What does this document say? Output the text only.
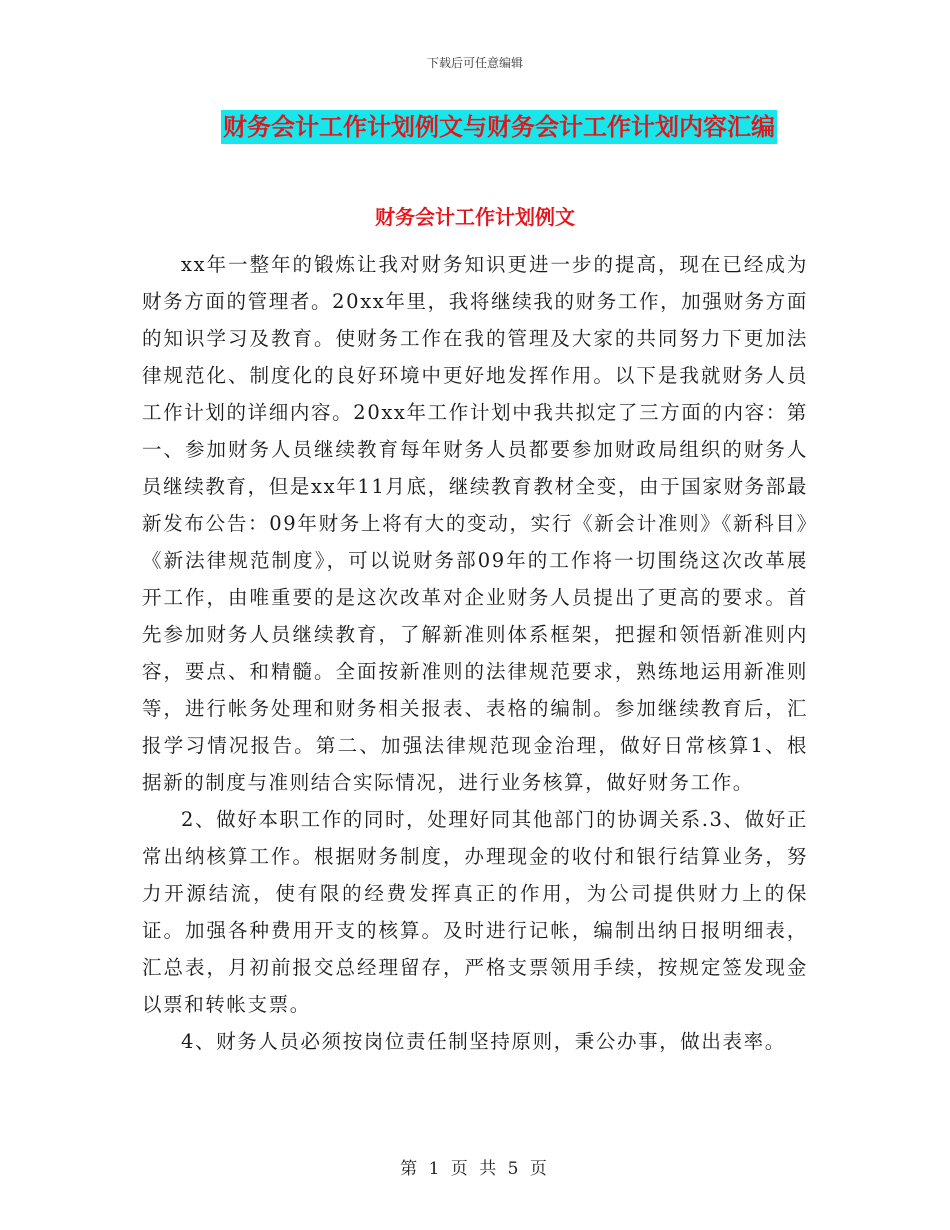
下载后可任意编辑
财务会计工作计划例文与财务会计工作计划内容汇编
财务会计工作计划例文

xx年一整年的锻炼让我对财务知识更进一步的提高，现在已经成为财务方面的管理者。20xx年里，我将继续我的财务工作，加强财务方面的知识学习及教育。使财务工作在我的管理及大家的共同努力下更加法律规范化、制度化的良好环境中更好地发挥作用。以下是我就财务人员工作计划的详细内容。20xx年工作计划中我共拟定了三方面的内容：第一、参加财务人员继续教育每年财务人员都要参加财政局组织的财务人员继续教育，但是xx年11月底，继续教育教材全变，由于国家财务部最新发布公告：09年财务上将有大的变动，实行《新会计准则》《新科目》《新法律规范制度》，可以说财务部09年的工作将一切围绕这次改革展开工作，由唯重要的是这次改革对企业财务人员提出了更高的要求。首先参加财务人员继续教育，了解新准则体系框架，把握和领悟新准则内容，要点、和精髓。全面按新准则的法律规范要求，熟练地运用新准则等，进行帐务处理和财务相关报表、表格的编制。参加继续教育后，汇报学习情况报告。第二、加强法律规范现金治理，做好日常核算1、根据新的制度与准则结合实际情况，进行业务核算，做好财务工作。

2、做好本职工作的同时，处理好同其他部门的协调关系.3、做好正常出纳核算工作。根据财务制度，办理现金的收付和银行结算业务，努力开源结流，使有限的经费发挥真正的作用，为公司提供财力上的保证。加强各种费用开支的核算。及时进行记帐，编制出纳日报明细表，汇总表，月初前报交总经理留存，严格支票领用手续，按规定签发现金以票和转帐支票。

4、财务人员必须按岗位责任制坚持原则，秉公办事，做出表率。

第 1 页 共 5 页
